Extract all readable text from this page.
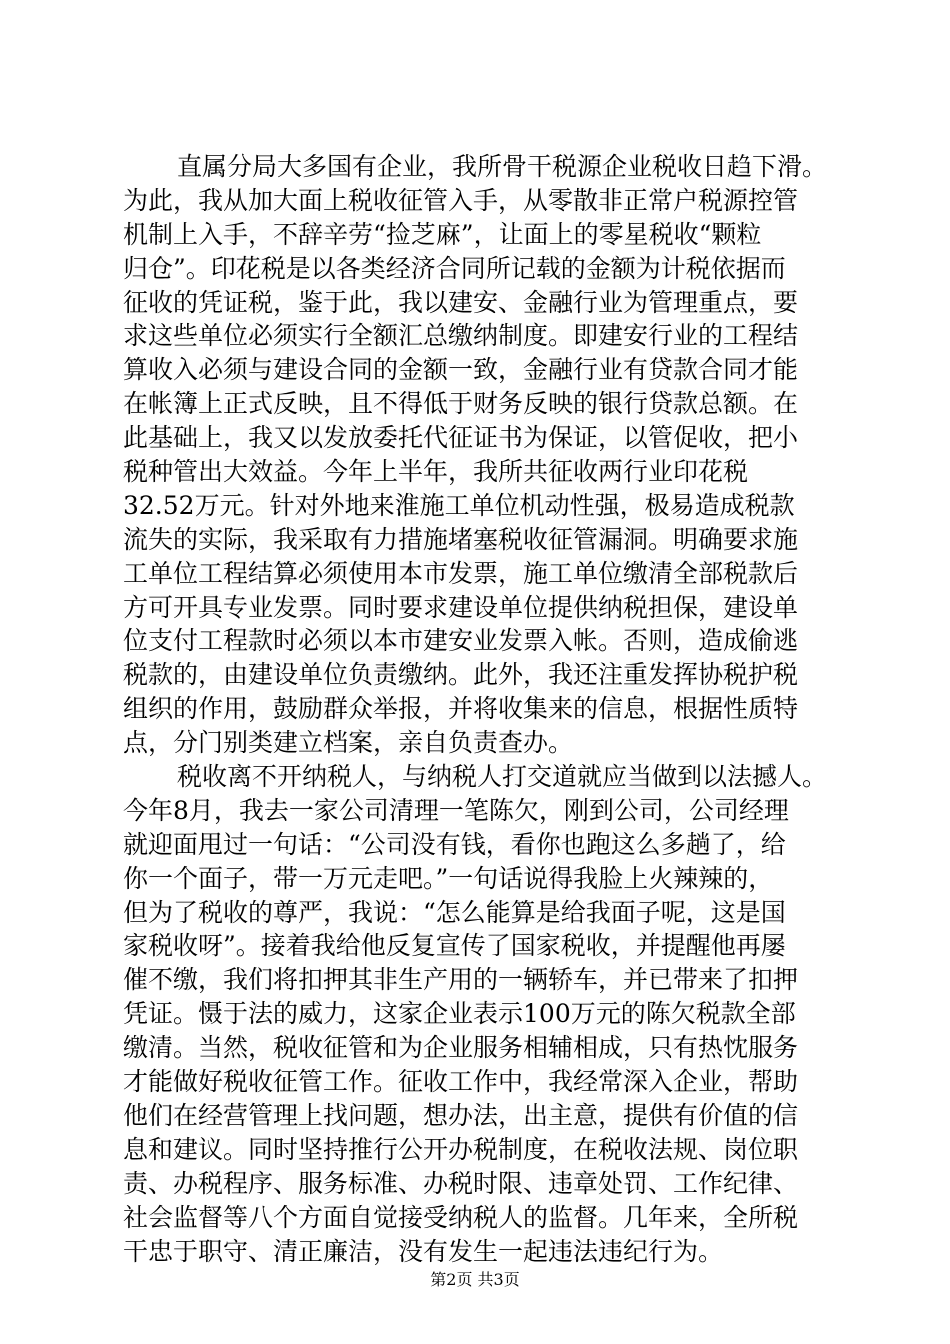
直属分局大多国有企业，我所骨干税源企业税收日趋下滑。
为此，我从加大面上税收征管入手，从零散非正常户税源控管
机制上入手，不辞辛劳“捡芝麻”，让面上的零星税收“颗粒
归仓”。印花税是以各类经济合同所记载的金额为计税依据而
征收的凭证税，鉴于此，我以建安、金融行业为管理重点，要
求这些单位必须实行全额汇总缴纳制度。即建安行业的工程结
算收入必须与建设合同的金额一致，金融行业有贷款合同才能
在帐簿上正式反映，且不得低于财务反映的银行贷款总额。在
此基础上，我又以发放委托代征证书为保证，以管促收，把小
税种管出大效益。今年上半年，我所共征收两行业印花税
32.52万元。针对外地来淮施工单位机动性强，极易造成税款
流失的实际，我采取有力措施堵塞税收征管漏洞。明确要求施
工单位工程结算必须使用本市发票，施工单位缴清全部税款后
方可开具专业发票。同时要求建设单位提供纳税担保，建设单
位支付工程款时必须以本市建安业发票入帐。否则，造成偷逃
税款的，由建设单位负责缴纳。此外，我还注重发挥协税护税
组织的作用，鼓励群众举报，并将收集来的信息，根据性质特
点，分门别类建立档案，亲自负责查办。
税收离不开纳税人，与纳税人打交道就应当做到以法撼人。
今年8月，我去一家公司清理一笔陈欠，刚到公司，公司经理
就迎面甩过一句话：“公司没有钱，看你也跑这么多趟了，给
你一个面子，带一万元走吧。”一句话说得我脸上火辣辣的，
但为了税收的尊严，我说：“怎么能算是给我面子呢，这是国
家税收呀”。接着我给他反复宣传了国家税收，并提醒他再屡
催不缴，我们将扣押其非生产用的一辆轿车，并已带来了扣押
凭证。慑于法的威力，这家企业表示100万元的陈欠税款全部
缴清。当然，税收征管和为企业服务相辅相成，只有热忱服务
才能做好税收征管工作。征收工作中，我经常深入企业，帮助
他们在经营管理上找问题，想办法，出主意，提供有价值的信
息和建议。同时坚持推行公开办税制度，在税收法规、岗位职
责、办税程序、服务标准、办税时限、违章处罚、工作纪律、
社会监督等八个方面自觉接受纳税人的监督。几年来，全所税
干忠于职守、清正廉洁，没有发生一起违法违纪行为。
第2页 共3页
